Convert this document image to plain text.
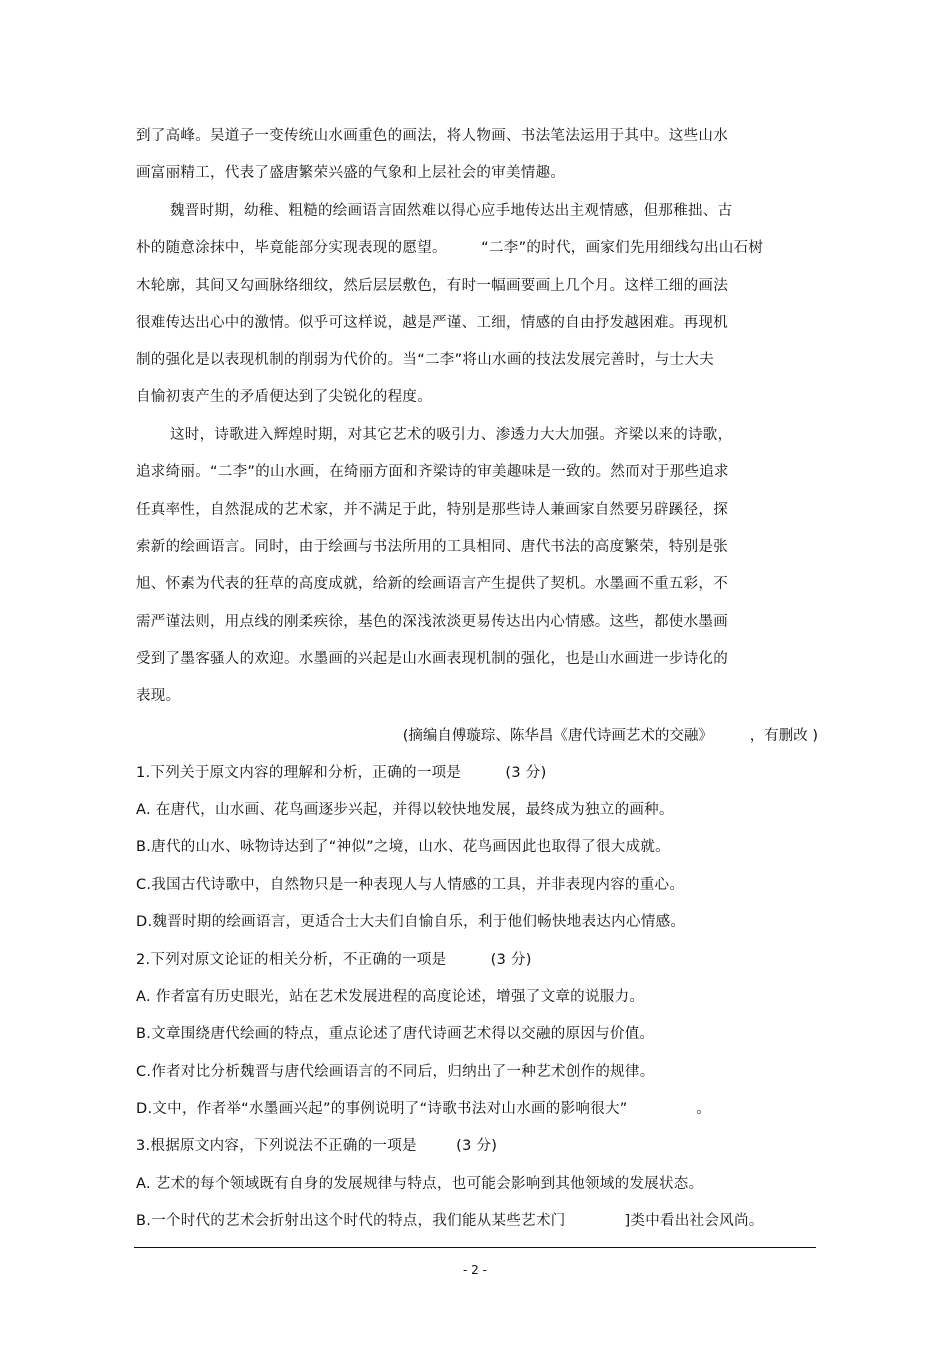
到了高峰。吴道子一变传统山水画重色的画法，将人物画、书法笔法运用于其中。这些山水
画富丽精工，代表了盛唐繁荣兴盛的气象和上层社会的审美情趣。
魏晋时期，幼稚、粗糙的绘画语言固然难以得心应手地传达出主观情感，但那稚拙、古
朴的随意涂抹中，毕竟能部分实现表现的愿望。       “二李”的时代，画家们先用细线勾出山石树
木轮廓，其间又勾画脉络细纹，然后层层敷色，有时一幅画要画上几个月。这样工细的画法
很难传达出心中的激情。似乎可这样说，越是严谨、工细，情感的自由抒发越困难。再现机
制的强化是以表现机制的削弱为代价的。当“二李”将山水画的技法发展完善时，与士大夫
自愉初衷产生的矛盾便达到了尖锐化的程度。
这时，诗歌进入辉煌时期，对其它艺术的吸引力、渗透力大大加强。齐梁以来的诗歌，
追求绮丽。“二李”的山水画，在绮丽方面和齐梁诗的审美趣味是一致的。然而对于那些追求
任真率性，自然混成的艺术家，并不满足于此，特别是那些诗人兼画家自然要另辟蹊径，探
索新的绘画语言。同时，由于绘画与书法所用的工具相同、唐代书法的高度繁荣，特别是张
旭、怀素为代表的狂草的高度成就，给新的绘画语言产生提供了契机。水墨画不重五彩，不
需严谨法则，用点线的刚柔疾徐，基色的深浅浓淡更易传达出内心情感。这些，都使水墨画
受到了墨客骚人的欢迎。水墨画的兴起是山水画表现机制的强化，也是山水画进一步诗化的
表现。
(摘编自傅璇琮、陈华昌《唐代诗画艺术的交融》        ，有删改 )
1.下列关于原文内容的理解和分析，正确的一项是         (3 分)
A. 在唐代，山水画、花鸟画逐步兴起，并得以较快地发展，最终成为独立的画种。
B.唐代的山水、咏物诗达到了“神似”之境，山水、花鸟画因此也取得了很大成就。
C.我国古代诗歌中，自然物只是一种表现人与人情感的工具，并非表现内容的重心。
D.魏晋时期的绘画语言，更适合士大夫们自愉自乐，利于他们畅快地表达内心情感。
2.下列对原文论证的相关分析，不正确的一项是         (3 分)
A. 作者富有历史眼光，站在艺术发展进程的高度论述，增强了文章的说服力。
B.文章围绕唐代绘画的特点，重点论述了唐代诗画艺术得以交融的原因与价值。
C.作者对比分析魏晋与唐代绘画语言的不同后，归纳出了一种艺术创作的规律。
D.文中，作者举“水墨画兴起”的事例说明了“诗歌书法对山水画的影响很大”              。
3.根据原文内容，下列说法不正确的一项是        (3 分)
A. 艺术的每个领域既有自身的发展规律与特点，也可能会影响到其他领域的发展状态。
B.一个时代的艺术会折射出这个时代的特点，我们能从某些艺术门            ]类中看出社会风尚。
- 2 -
